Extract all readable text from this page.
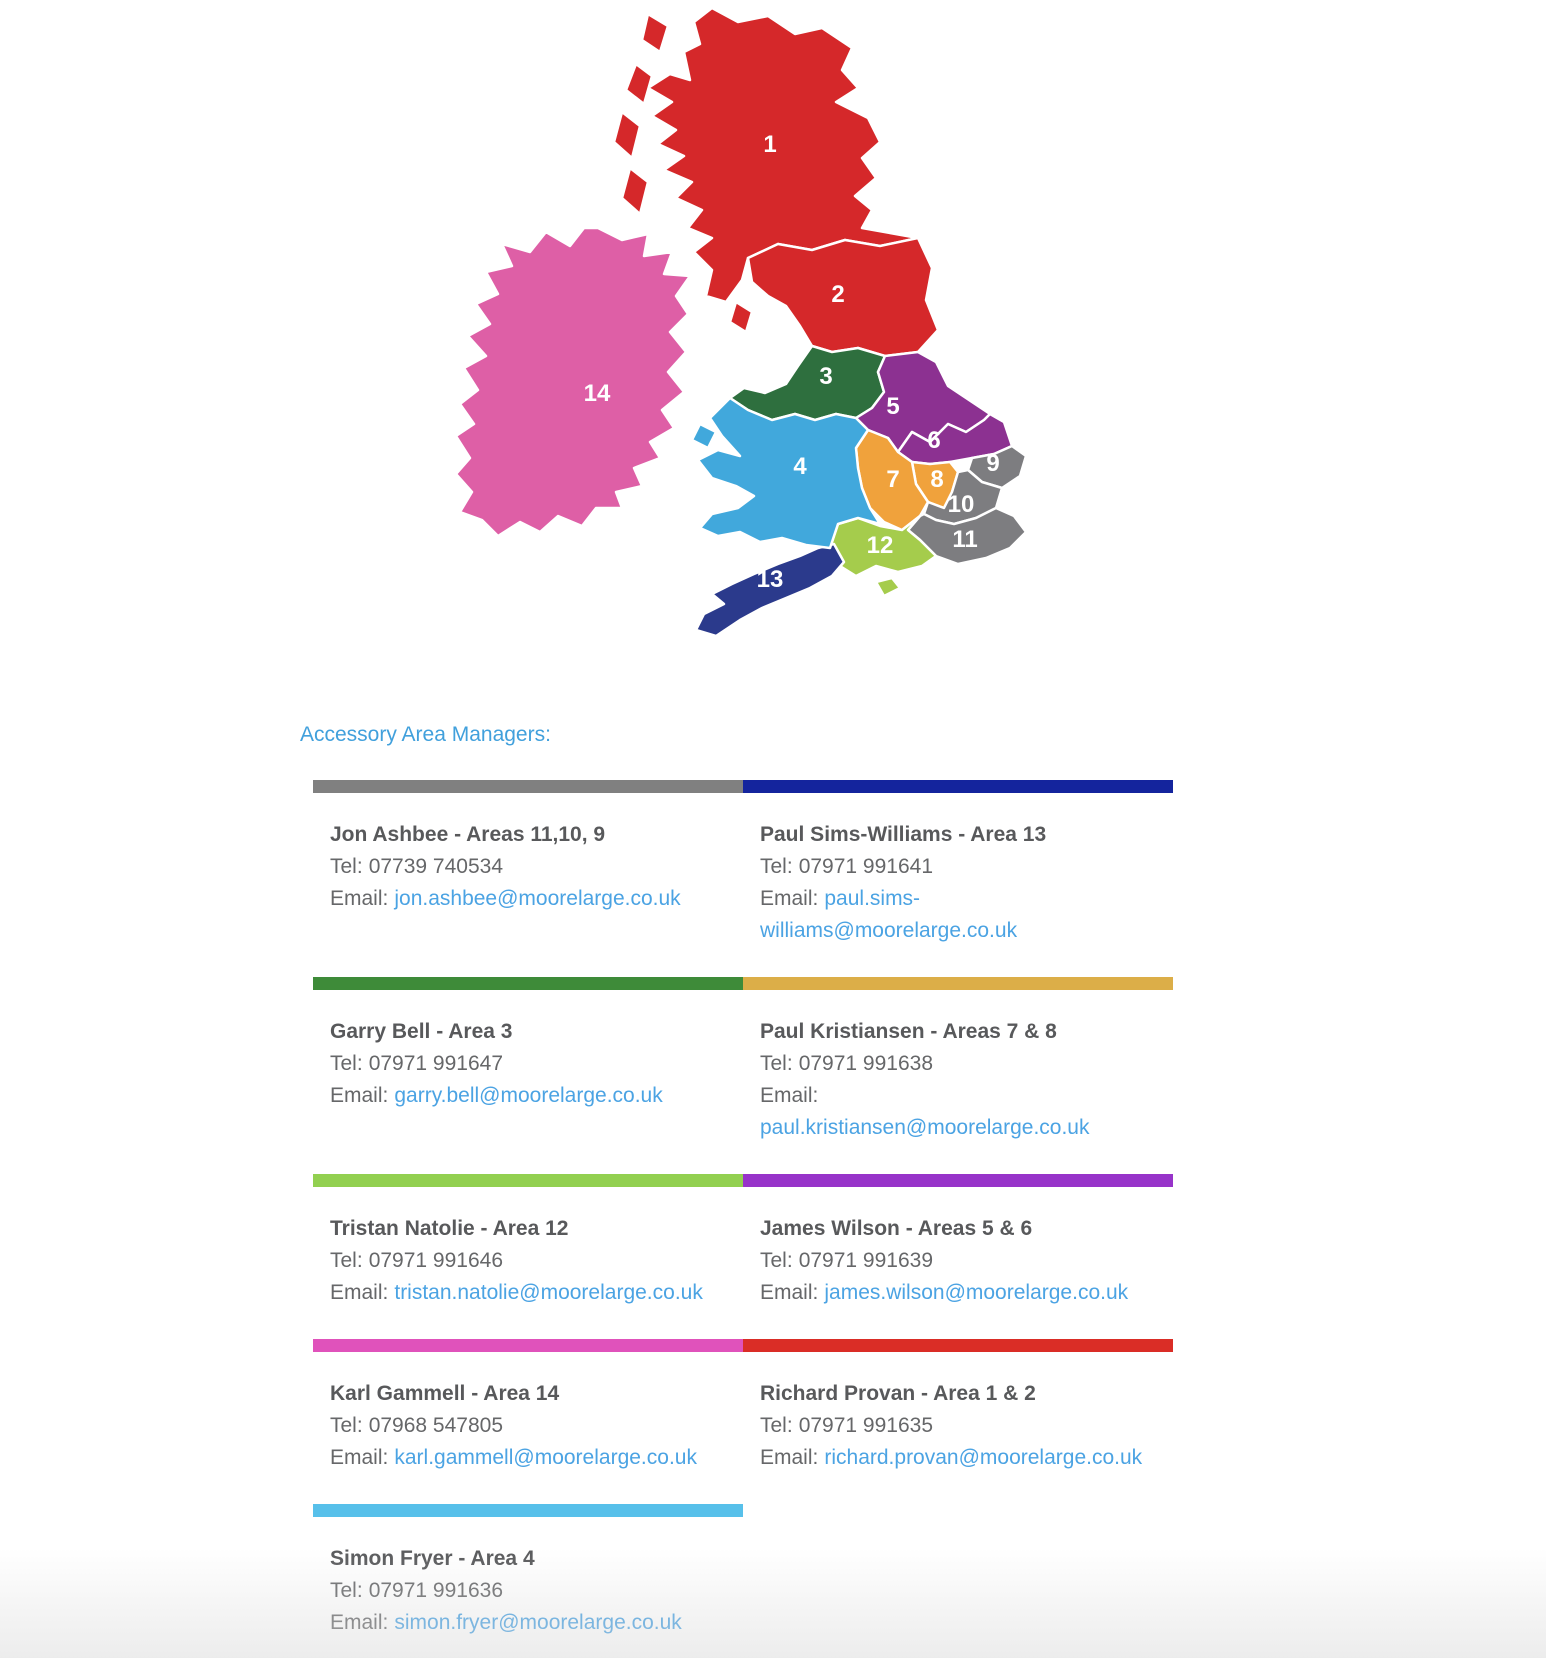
1
2
3
4
5
6
7 8
9
10
11
12
13
14
Accessory Area Managers:
Jon Ashbee - Areas 11,10, 9

Tel: 07739 740534

Email: jon.ashbee@moorelarge.co.uk

Paul Sims-Williams - Area 13

Tel: 07971 991641

Email: paul.sims-
williams@moorelarge.co.uk

Garry Bell - Area 3

Tel: 07971 991647

Email: garry.bell@moorelarge.co.uk

Paul Kristiansen - Areas 7 & 8

Tel: 07971 991638

Email:
paul.kristiansen@moorelarge.co.uk

Tristan Natolie - Area 12

Tel: 07971 991646

Email: tristan.natolie@moorelarge.co.uk

James Wilson - Areas 5 & 6

Tel: 07971 991639

Email: james.wilson@moorelarge.co.uk

Karl Gammell - Area 14

Tel: 07968 547805

Email: karl.gammell@moorelarge.co.uk

Richard Provan - Area 1 & 2

Tel: 07971 991635

Email: richard.provan@moorelarge.co.uk

Simon Fryer - Area 4

Tel: 07971 991636

Email: simon.fryer@moorelarge.co.uk
